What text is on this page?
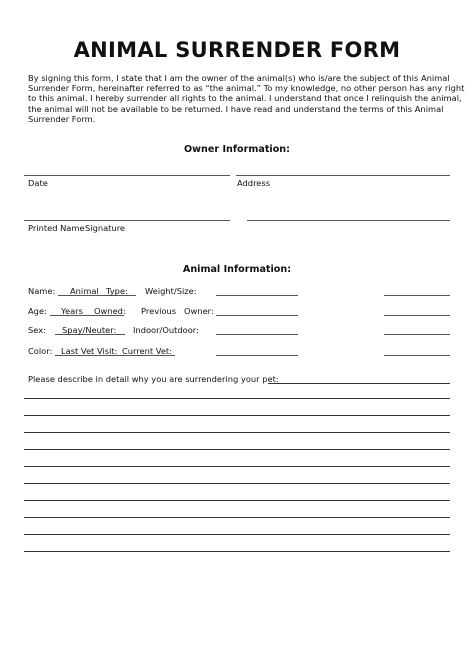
ANIMAL SURRENDER FORM
By signing this form, I state that I am the owner of the animal(s) who is/are the subject of this Animal
Surrender Form, hereinafter referred to as “the animal.” To my knowledge, no other person has any right
to this animal. I hereby surrender all rights to the animal. I understand that once I relinquish the animal,
the animal will not be available to be returned. I have read and understand the terms of this Animal
Surrender Form.
Owner Information:
Date	Address
Printed Name Signature
Animal Information:
Name: Animal Type: Weight/Size:
Age: Years Owned: Previous Owner:
Sex: Spay/Neuter: Indoor/Outdoor:
Color: Last Vet Visit: Current Vet:
Please describe in detail why you are surrendering your pet:
